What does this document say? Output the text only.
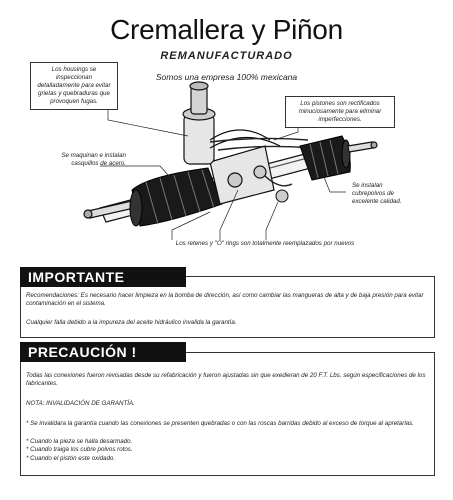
Cremallera y Piñon
REMANUFACTURADO
Somos una empresa 100% mexicana
Los housings se inspeccionan detalladamente para evitar grietas y quebraduras que provoquen fugas.	Los pistones son rectificados minuciosamente para eliminar imperfecciones.
Se maquinan e instalan casquillos de acero.
Se instalan cubrepolvos de excelente calidad.
Los retenes y "O" rings son totalmente reemplazados por nuevos
IMPORTANTE
Recomendaciones: Es necesario hacer limpieza en la bomba de dirección, así como cambiar las mangueras de alta y de baja presión para evitar contaminación en el sistema.
Cualquier falla debido a la impureza del aceite hidráulico invalida la garantía.
PRECAUCIÓN !
Todas las conexiones fueron revisadas desde su refabricación y fueron ajustadas sin que exedieran de 20 F.T. Lbs. según especificaciones de los fabricantes.
NOTA: INVALIDACIÓN DE GARANTÍA.
* Se invalidara la garantía cuando las conexiones se presenten quebradas o con las roscas barridas debido al exceso de torque al apretarlas.
* Cuando la pieza se halla desarmado.
* Cuando traiga los cubre polvos rotos.
* Cuando el pistón este oxidado.
